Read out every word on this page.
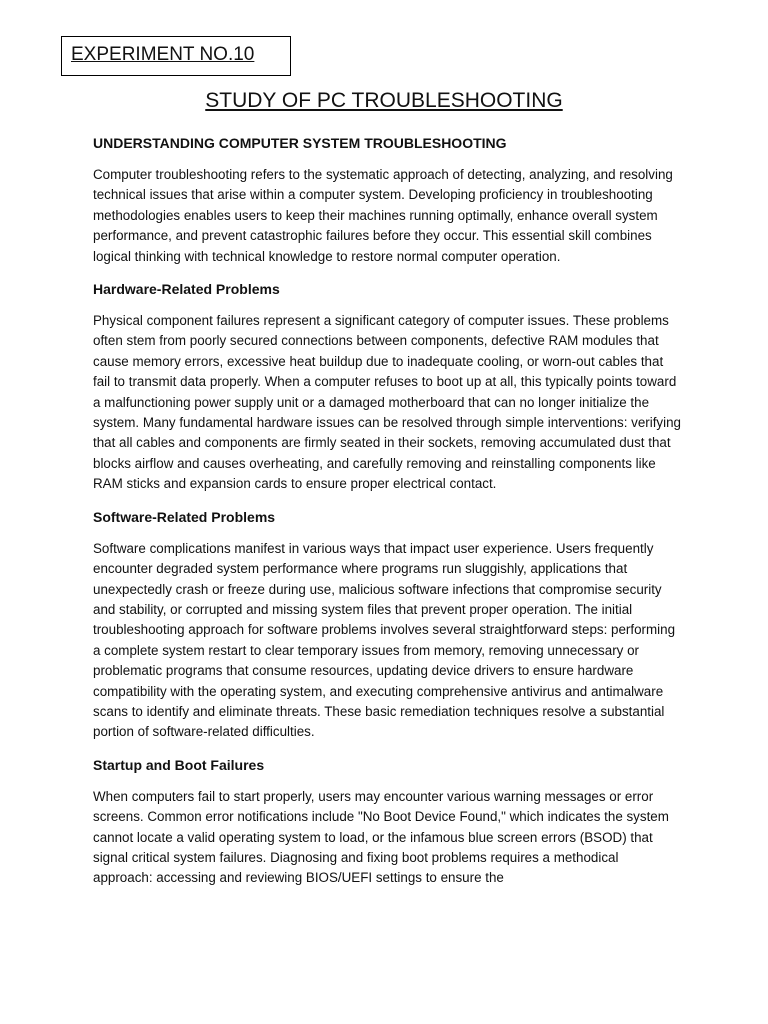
EXPERIMENT NO.10
STUDY OF PC TROUBLESHOOTING
UNDERSTANDING COMPUTER SYSTEM TROUBLESHOOTING
Computer troubleshooting refers to the systematic approach of detecting, analyzing, and resolving technical issues that arise within a computer system. Developing proficiency in troubleshooting methodologies enables users to keep their machines running optimally, enhance overall system performance, and prevent catastrophic failures before they occur. This essential skill combines logical thinking with technical knowledge to restore normal computer operation.
Hardware-Related Problems
Physical component failures represent a significant category of computer issues. These problems often stem from poorly secured connections between components, defective RAM modules that cause memory errors, excessive heat buildup due to inadequate cooling, or worn-out cables that fail to transmit data properly. When a computer refuses to boot up at all, this typically points toward a malfunctioning power supply unit or a damaged motherboard that can no longer initialize the system. Many fundamental hardware issues can be resolved through simple interventions: verifying that all cables and components are firmly seated in their sockets, removing accumulated dust that blocks airflow and causes overheating, and carefully removing and reinstalling components like RAM sticks and expansion cards to ensure proper electrical contact.
Software-Related Problems
Software complications manifest in various ways that impact user experience. Users frequently encounter degraded system performance where programs run sluggishly, applications that unexpectedly crash or freeze during use, malicious software infections that compromise security and stability, or corrupted and missing system files that prevent proper operation. The initial troubleshooting approach for software problems involves several straightforward steps: performing a complete system restart to clear temporary issues from memory, removing unnecessary or problematic programs that consume resources, updating device drivers to ensure hardware compatibility with the operating system, and executing comprehensive antivirus and antimalware scans to identify and eliminate threats. These basic remediation techniques resolve a substantial portion of software-related difficulties.
Startup and Boot Failures
When computers fail to start properly, users may encounter various warning messages or error screens. Common error notifications include "No Boot Device Found," which indicates the system cannot locate a valid operating system to load, or the infamous blue screen errors (BSOD) that signal critical system failures. Diagnosing and fixing boot problems requires a methodical approach: accessing and reviewing BIOS/UEFI settings to ensure the
